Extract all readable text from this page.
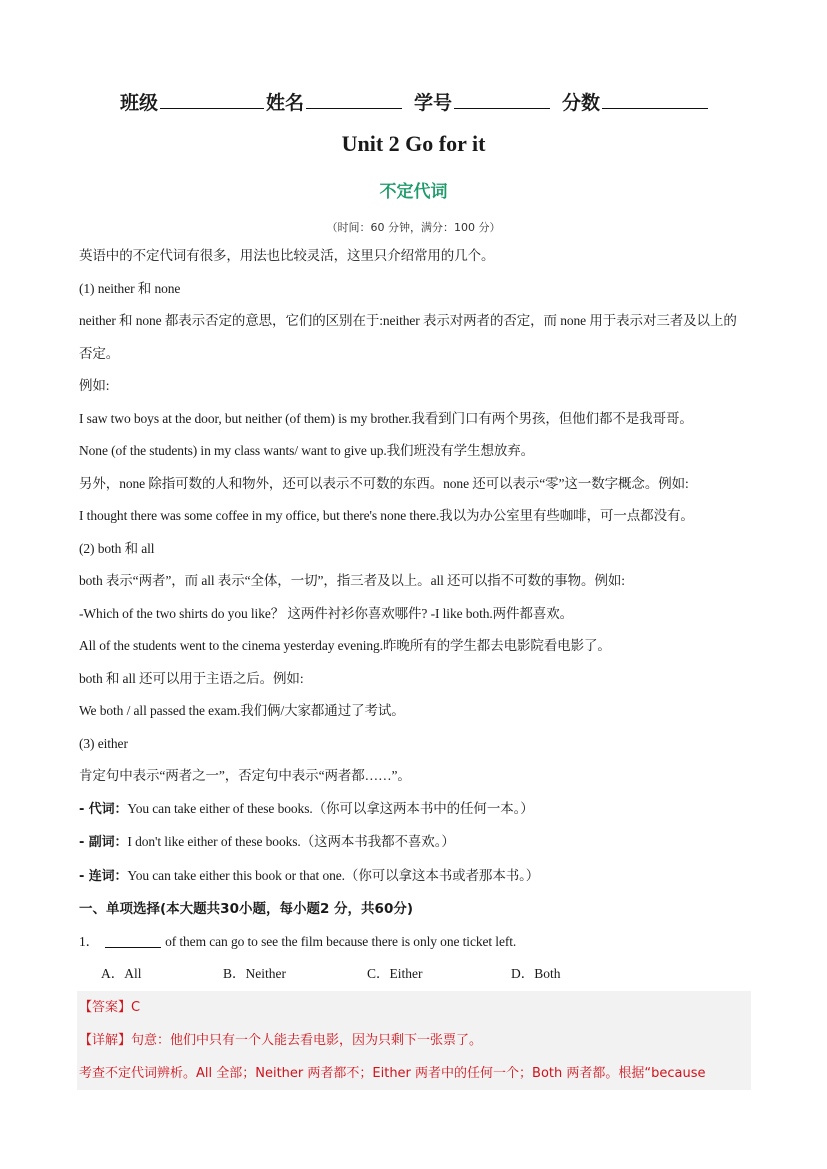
班级	姓名	学号	分数
Unit 2 Go for it
不定代词
（时间：60 分钟，满分：100 分）

英语中的不定代词有很多，用法也比较灵活，这里只介绍常用的几个。

(1) neither 和 none

neither 和 none 都表示否定的意思，它们的区别在于:neither 表示对两者的否定，而 none 用于表示对三者及以上的否定。

例如:

I saw two boys at the door, but neither (of them) is my brother.我看到门口有两个男孩，但他们都不是我哥哥。

None (of the students) in my class wants/ want to give up.我们班没有学生想放弃。

另外，none 除指可数的人和物外，还可以表示不可数的东西。none 还可以表示“零”这一数字概念。例如:

I thought there was some coffee in my office, but there's none there.我以为办公室里有些咖啡，可一点都没有。

(2) both 和 all

both 表示“两者”，而 all 表示“全体，一切”，指三者及以上。all 还可以指不可数的事物。例如:

-Which of the two shirts do you like？ 这两件衬衫你喜欢哪件? -I like both.两件都喜欢。

All of the students went to the cinema yesterday evening.昨晚所有的学生都去电影院看电影了。

both 和 all 还可以用于主语之后。例如:

We both / all passed the exam.我们俩/大家都通过了考试。

(3) either

肯定句中表示“两者之一”，否定句中表示“两者都……”。

- 代词：You can take either of these books.（你可以拿这两本书中的任何一本。）

- 副词：I don't like either of these books.（这两本书我都不喜欢。）

- 连词：You can take either this book or that one.（你可以拿这本书或者那本书。）

一、单项选择(本大题共30小题，每小题2 分，共60分)

1．	of them can go to see the film because there is only one ticket left.

A．All	B．Neither	C．Either	D．Both

【答案】C

【详解】句意：他们中只有一个人能去看电影，因为只剩下一张票了。

考查不定代词辨析。All 全部；Neither 两者都不；Either 两者中的任何一个；Both 两者都。根据“because
